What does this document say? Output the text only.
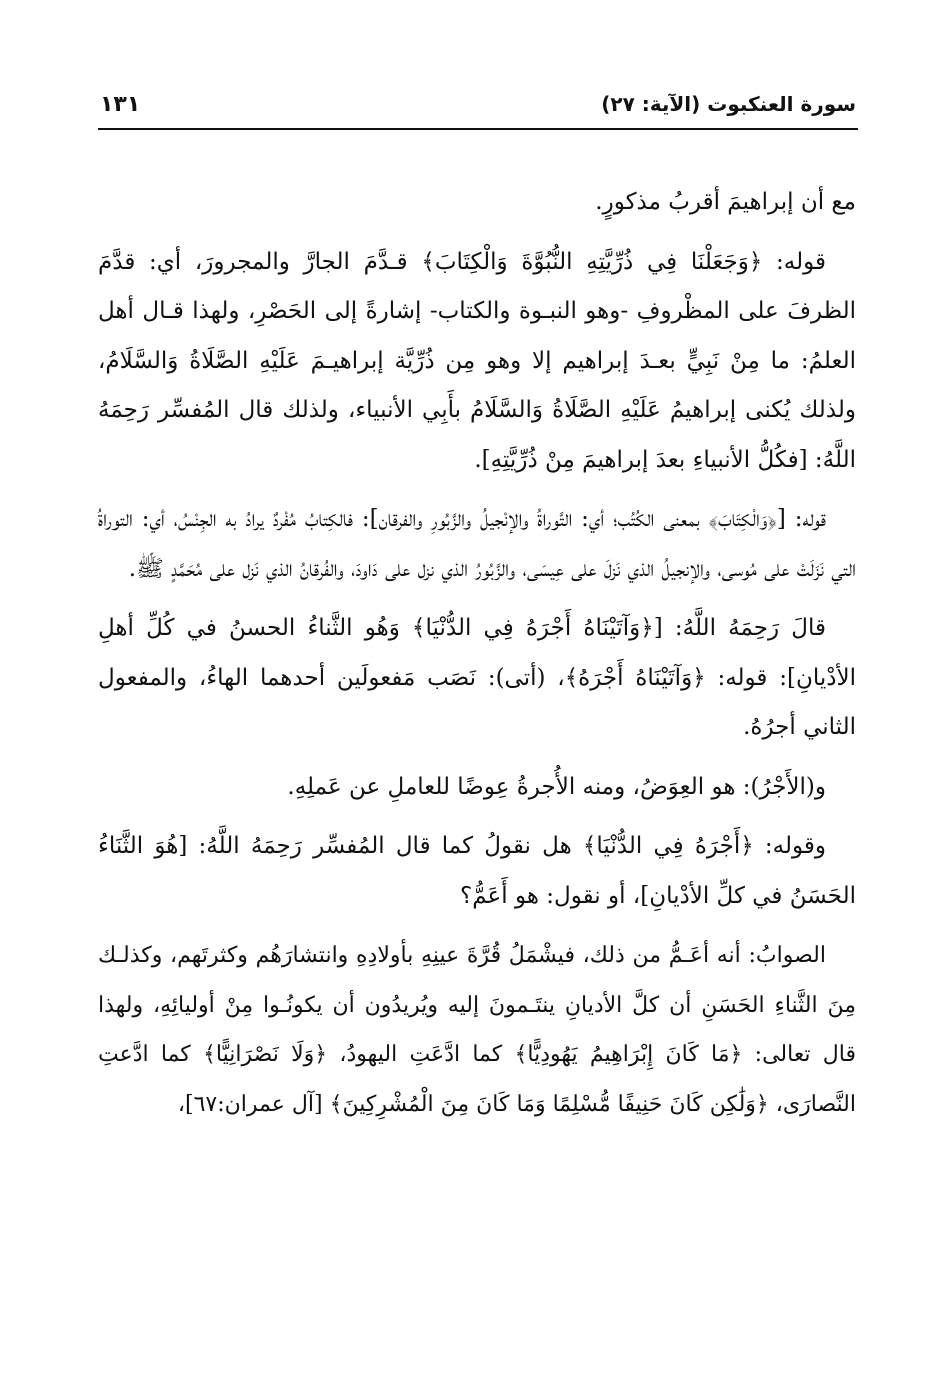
سورة العنكبوت (الآية: ٢٧)
١٣١

مع أن إبراهيمَ أقربُ مذكورٍ.

قوله: ﴿وَجَعَلْنَا فِي ذُرِّيَّتِهِ النُّبُوَّةَ وَالْكِتَابَ﴾ قـدَّمَ الجارَّ والمجرورَ، أي: قدَّمَ الظرفَ على المظْروفِ -وهو النبـوة والكتاب- إشارةً إلى الحَصْرِ، ولهذا قـال أهل العلمُ: ما مِنْ نَبِيٍّ بعـدَ إبراهيم إلا وهو مِن ذُرِّيَّة إبراهيـمَ عَلَيْهِ الصَّلَاةُ وَالسَّلَامُ، ولذلك يُكنى إبراهيمُ عَلَيْهِ الصَّلَاةُ وَالسَّلَامُ بأَبِي الأنبياء، ولذلك قال المُفسِّر رَحِمَهُ اللَّهُ: [فكُلُّ الأنبياءِ بعدَ إبراهيمَ مِنْ ذُرِّيَّتِهِ].

قوله: [﴿وَالْكِتَابَ﴾ بمعنى الكُتُب؛ أي: التَّوراةُ والإنْجيلُ والزَّبُورِ والفرقان]: فالكِتابُ مُفْردٌ يرادُ به الجِنْسُ، أي: التوراةُ التي نَزَلَتْ على مُوسى، والإنجيلُ الذي نَزلَ على عِيسَى، والزَّبُورُ الذي نزل على دَاودَ، والفُرقانُ الذي نَزل على مُحَمَّدٍ ﷺ.

قالَ رَحِمَهُ اللَّهُ: [﴿وَآتَيْنَاهُ أَجْرَهُ فِي الدُّنْيَا﴾ وَهُو الثَّناءُ الحسنُ في كُلِّ أهلِ الأدْيانِ]: قوله: ﴿وَآتَيْنَاهُ أَجْرَهُ﴾، (أتى): نَصَب مَفعولَين أحدهما الهاءُ، والمفعول الثاني أجرُهُ.

و(الأَجْرُ): هو العِوَضُ، ومنه الأُجرةُ عِوضًا للعاملِ عن عَملِهِ.

وقوله: ﴿أَجْرَهُ فِي الدُّنْيَا﴾ هل نقولُ كما قال المُفسِّر رَحِمَهُ اللَّهُ: [هُوَ الثَّنَاءُ الحَسَنُ في كلِّ الأدْيانِ]، أو نقول: هو أَعَمُّ؟

الصوابُ: أنه أعَـمُّ من ذلك، فيشْمَلُ قُرَّةَ عينِهِ بأولادِهِ وانتشارَهُم وكثرتَهم، وكذلـك مِنَ الثَّناءِ الحَسَنِ أن كلَّ الأديانِ ينتَـمونَ إليه ويُريدُون أن يكونُـوا مِنْ أوليائِهِ، ولهذا قال تعالى: ﴿مَا كَانَ إِبْرَاهِيمُ يَهُودِيًّا﴾ كما ادَّعَتِ اليهودُ، ﴿وَلَا نَصْرَانِيًّا﴾ كما ادَّعتِ النَّصارَى، ﴿وَلَٰكِن كَانَ حَنِيفًا مُّسْلِمًا وَمَا كَانَ مِنَ الْمُشْرِكِينَ﴾ [آل عمران:٦٧]،
